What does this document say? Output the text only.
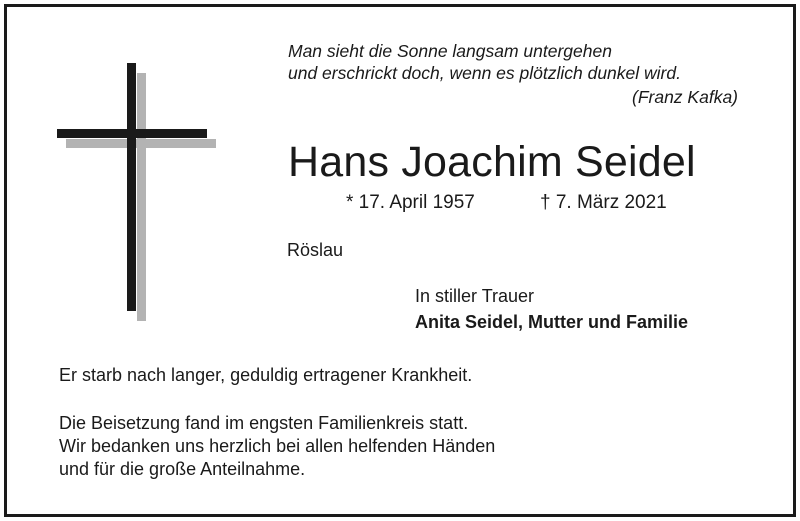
Man sieht die Sonne langsam untergehen
und erschrickt doch, wenn es plötzlich dunkel wird.
(Franz Kafka)
Hans Joachim Seidel
* 17. April 1957	† 7. März 2021
Röslau
In stiller Trauer
Anita Seidel, Mutter und Familie
Er starb nach langer, geduldig ertragener Krankheit.
Die Beisetzung fand im engsten Familienkreis statt.
Wir bedanken uns herzlich bei allen helfenden Händen
und für die große Anteilnahme.
